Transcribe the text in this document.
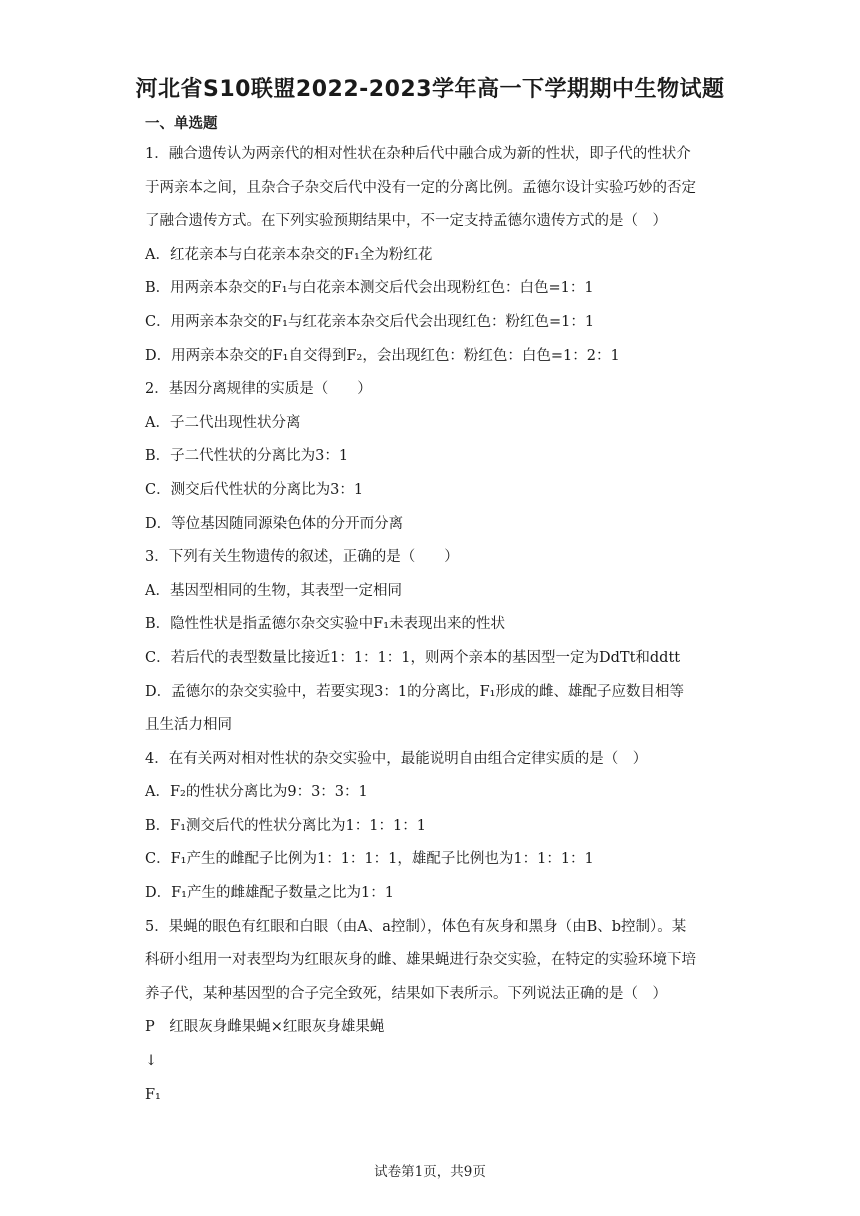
河北省S10联盟2022-2023学年高一下学期期中生物试题
一、单选题
1．融合遗传认为两亲代的相对性状在杂种后代中融合成为新的性状，即子代的性状介
于两亲本之间，且杂合子杂交后代中没有一定的分离比例。孟德尔设计实验巧妙的否定
了融合遗传方式。在下列实验预期结果中，不一定支持孟德尔遗传方式的是（　）
A．红花亲本与白花亲本杂交的F₁全为粉红花
B．用两亲本杂交的F₁与白花亲本测交后代会出现粉红色：白色=1：1
C．用两亲本杂交的F₁与红花亲本杂交后代会出现红色：粉红色=1：1
D．用两亲本杂交的F₁自交得到F₂，会出现红色：粉红色：白色=1：2：1
2．基因分离规律的实质是（　　）
A．子二代出现性状分离
B．子二代性状的分离比为3：1
C．测交后代性状的分离比为3：1
D．等位基因随同源染色体的分开而分离
3．下列有关生物遗传的叙述，正确的是（　　）
A．基因型相同的生物，其表型一定相同
B．隐性性状是指孟德尔杂交实验中F₁未表现出来的性状
C．若后代的表型数量比接近1：1：1：1，则两个亲本的基因型一定为DdTt和ddtt
D．孟德尔的杂交实验中，若要实现3：1的分离比，F₁形成的雌、雄配子应数目相等
且生活力相同
4．在有关两对相对性状的杂交实验中，最能说明自由组合定律实质的是（　）
A．F₂的性状分离比为9：3：3：1
B．F₁测交后代的性状分离比为1：1：1：1
C．F₁产生的雌配子比例为1：1：1：1，雄配子比例也为1：1：1：1
D．F₁产生的雌雄配子数量之比为1：1
5．果蝇的眼色有红眼和白眼（由A、a控制），体色有灰身和黑身（由B、b控制）。某
科研小组用一对表型均为红眼灰身的雌、雄果蝇进行杂交实验，在特定的实验环境下培
养子代，某种基因型的合子完全致死，结果如下表所示。下列说法正确的是（　）
P　红眼灰身雌果蝇×红眼灰身雄果蝇
↓
F₁
试卷第1页，共9页
